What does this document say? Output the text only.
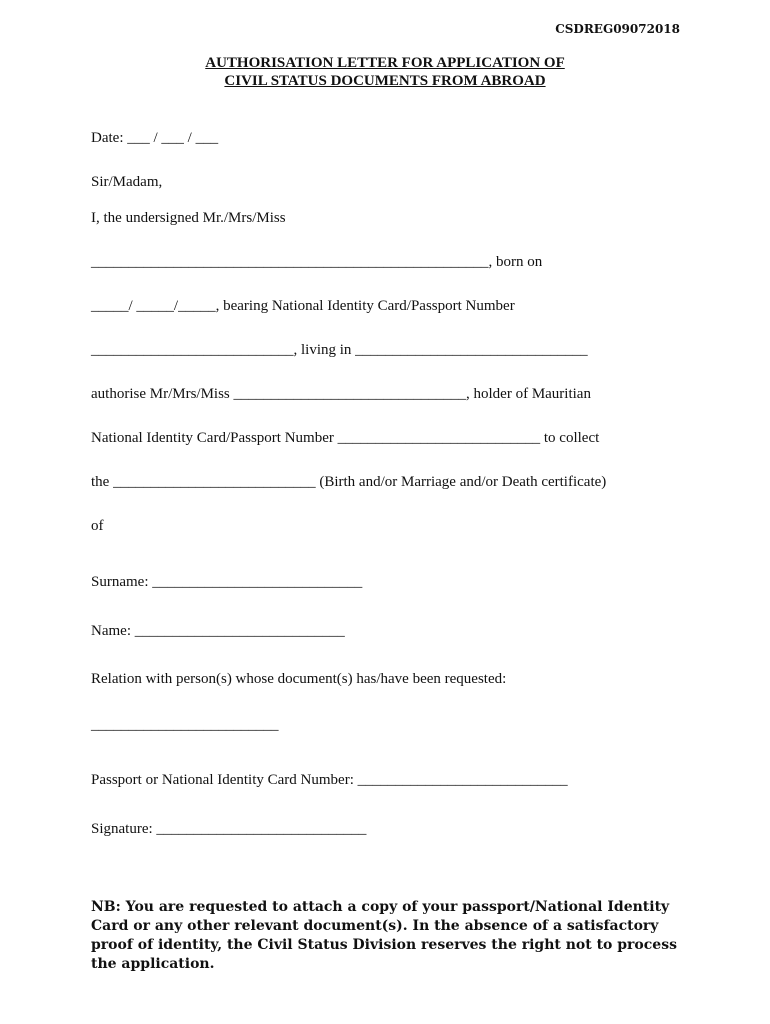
CSDREG09072018
AUTHORISATION LETTER FOR APPLICATION OF
CIVIL STATUS DOCUMENTS FROM ABROAD
Date: ___ / ___ / ___
Sir/Madam,
I, the undersigned Mr./Mrs/Miss
_____________________________________________________, born on
_____/ _____/_____, bearing National Identity Card/Passport Number
___________________________, living in _______________________________
authorise Mr/Mrs/Miss _______________________________, holder of Mauritian
National Identity Card/Passport Number ___________________________ to collect
the ___________________________ (Birth and/or Marriage and/or Death certificate)
of
Surname: ____________________________
Name: ____________________________
Relation with person(s) whose document(s) has/have been requested:
_________________________
Passport or National Identity Card Number: ____________________________
Signature: ____________________________
NB: You are requested to attach a copy of your passport/National Identity Card or any other relevant document(s). In the absence of a satisfactory proof of identity, the Civil Status Division reserves the right not to process the application.
